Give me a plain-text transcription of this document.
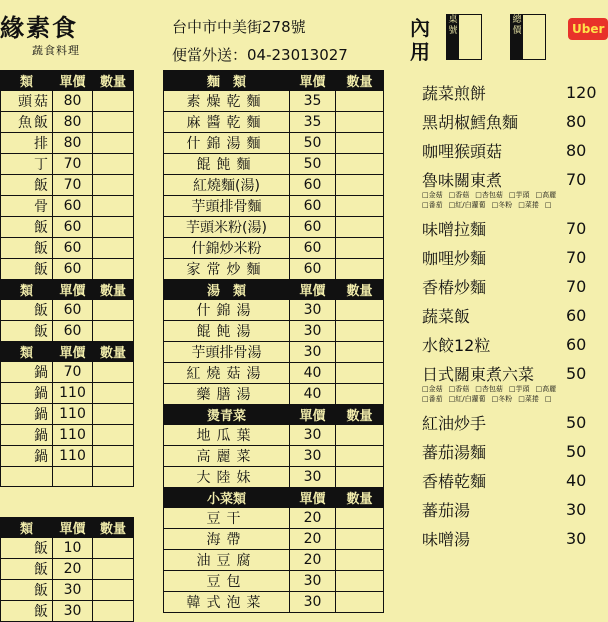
緣素食
蔬食料理
台中市中美街278號
便當外送：04-23013027
類	單價	數量
頭菇	80	
魚飯	80	
排	80	
丁	70	
飯	70	
骨	60	
飯	60	
飯	60	
飯	60	
類	單價	數量
飯	60	
飯	60	
類	單價	數量
鍋	70	
鍋	110	
鍋	110	
鍋	110	
鍋	110	

類	單價	數量
飯	10	
飯	20	
飯	30	
飯	30	
麵　類	單價	數量
素燥乾麵	35	
麻醬乾麵	35	
什錦湯麵	50	
餛飩麵	50	
紅燒麵(湯)	60	
芋頭排骨麵	60	
芋頭米粉(湯)	60	
什錦炒米粉	60	
家常炒麵	60	
湯　類	單價	數量
什錦湯	30	
餛飩湯	30	
芋頭排骨湯	30	
紅燒菇湯	40	
藥膳湯	40	
燙青菜	單價	數量
地瓜葉	30	
高麗菜	30	
大陸妹	30	
小菜類	單價	數量
豆干	20	
海帶	20	
油豆腐	20	
豆包	30	
韓式泡菜	30	
內用
桌號
總價	Uber
蔬菜煎餅	120
黑胡椒鱈魚麵	80
咖哩猴頭菇	80
魯味關東煮	70
□金菇 □香菇 □杏包菇 □芋頭 □高麗
□番茄 □紅/白蘿蔔 □冬粉 □菜捲 □
味噌拉麵	70
咖哩炒麵	70
香椿炒麵	70
蔬菜飯	60
水餃12粒	60
日式關東煮六菜 50
□金菇 □香菇 □杏包菇 □芋頭 □高麗
□番茄 □紅/白蘿蔔 □冬粉 □菜捲 □
紅油炒手	50
蕃茄湯麵	50
香椿乾麵	40
蕃茄湯	30
味噌湯	30
